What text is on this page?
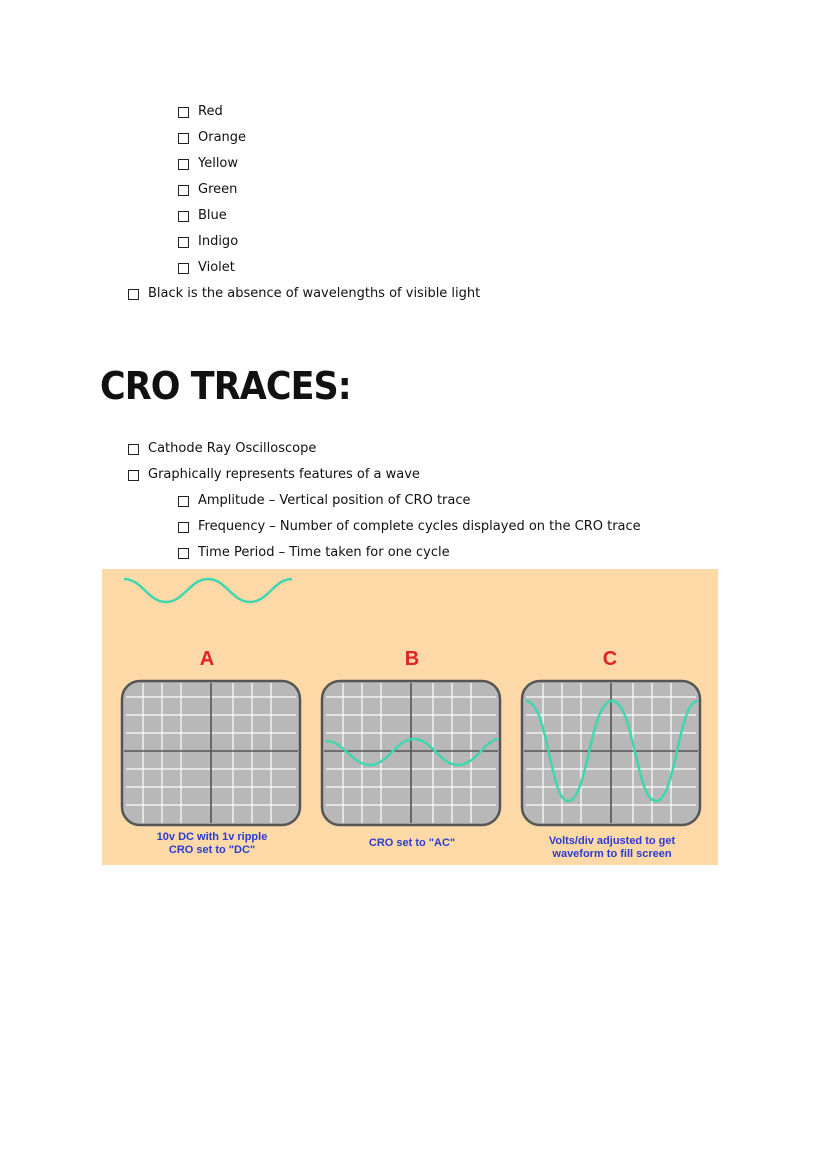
Red
Orange
Yellow
Green
Blue
Indigo
Violet
Black is the absence of wavelengths of visible light
CRO TRACES:
Cathode Ray Oscilloscope
Graphically represents features of a wave
Amplitude – Vertical position of CRO trace
Frequency – Number of complete cycles displayed on the CRO trace
Time Period – Time taken for one cycle
A	B	C
10v DC with 1v ripple
CRO set to "DC"
CRO set to "AC"	Volts/div adjusted to get
waveform to fill screen
